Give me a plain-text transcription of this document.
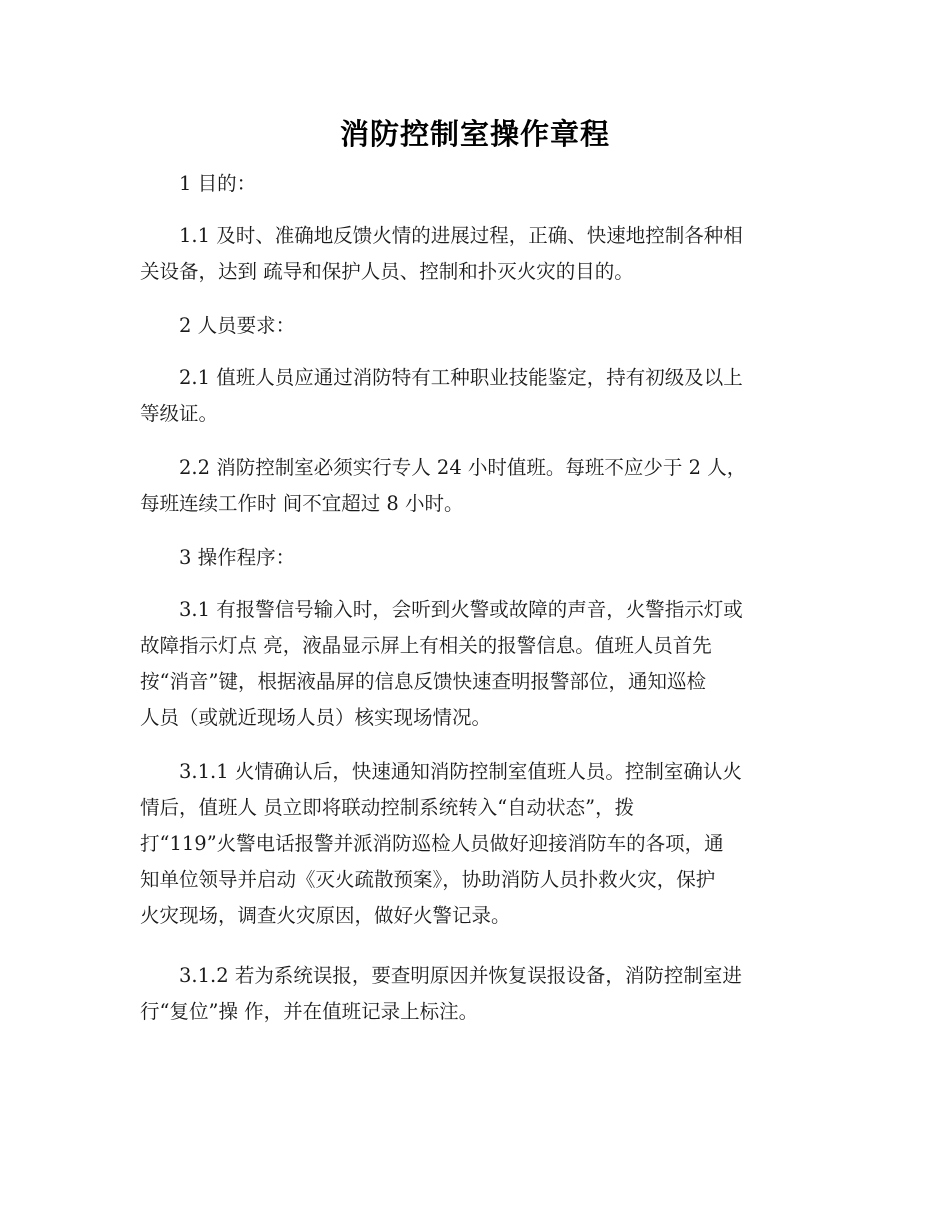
消防控制室操作章程

1 目的：

1.1 及时、准确地反馈火情的进展过程，正确、快速地控制各种相
关设备，达到 疏导和保护人员、控制和扑灭火灾的目的。

2 人员要求：

2.1 值班人员应通过消防特有工种职业技能鉴定，持有初级及以上
等级证。

2.2 消防控制室必须实行专人 24 小时值班。每班不应少于 2 人，
每班连续工作时 间不宜超过 8 小时。

3 操作程序：

3.1 有报警信号输入时，会听到火警或故障的声音，火警指示灯或
故障指示灯点 亮，液晶显示屏上有相关的报警信息。值班人员首先
按“消音”键，根据液晶屏的信息反馈快速查明报警部位，通知巡检
人员（或就近现场人员）核实现场情况。

3.1.1 火情确认后，快速通知消防控制室值班人员。控制室确认火
情后，值班人 员立即将联动控制系统转入“自动状态”，拨
打“119”火警电话报警并派消防巡检人员做好迎接消防车的各项，通
知单位领导并启动《灭火疏散预案》，协助消防人员扑救火灾，保护
火灾现场，调查火灾原因，做好火警记录。

3.1.2 若为系统误报，要查明原因并恢复误报设备，消防控制室进
行“复位”操 作，并在值班记录上标注。
